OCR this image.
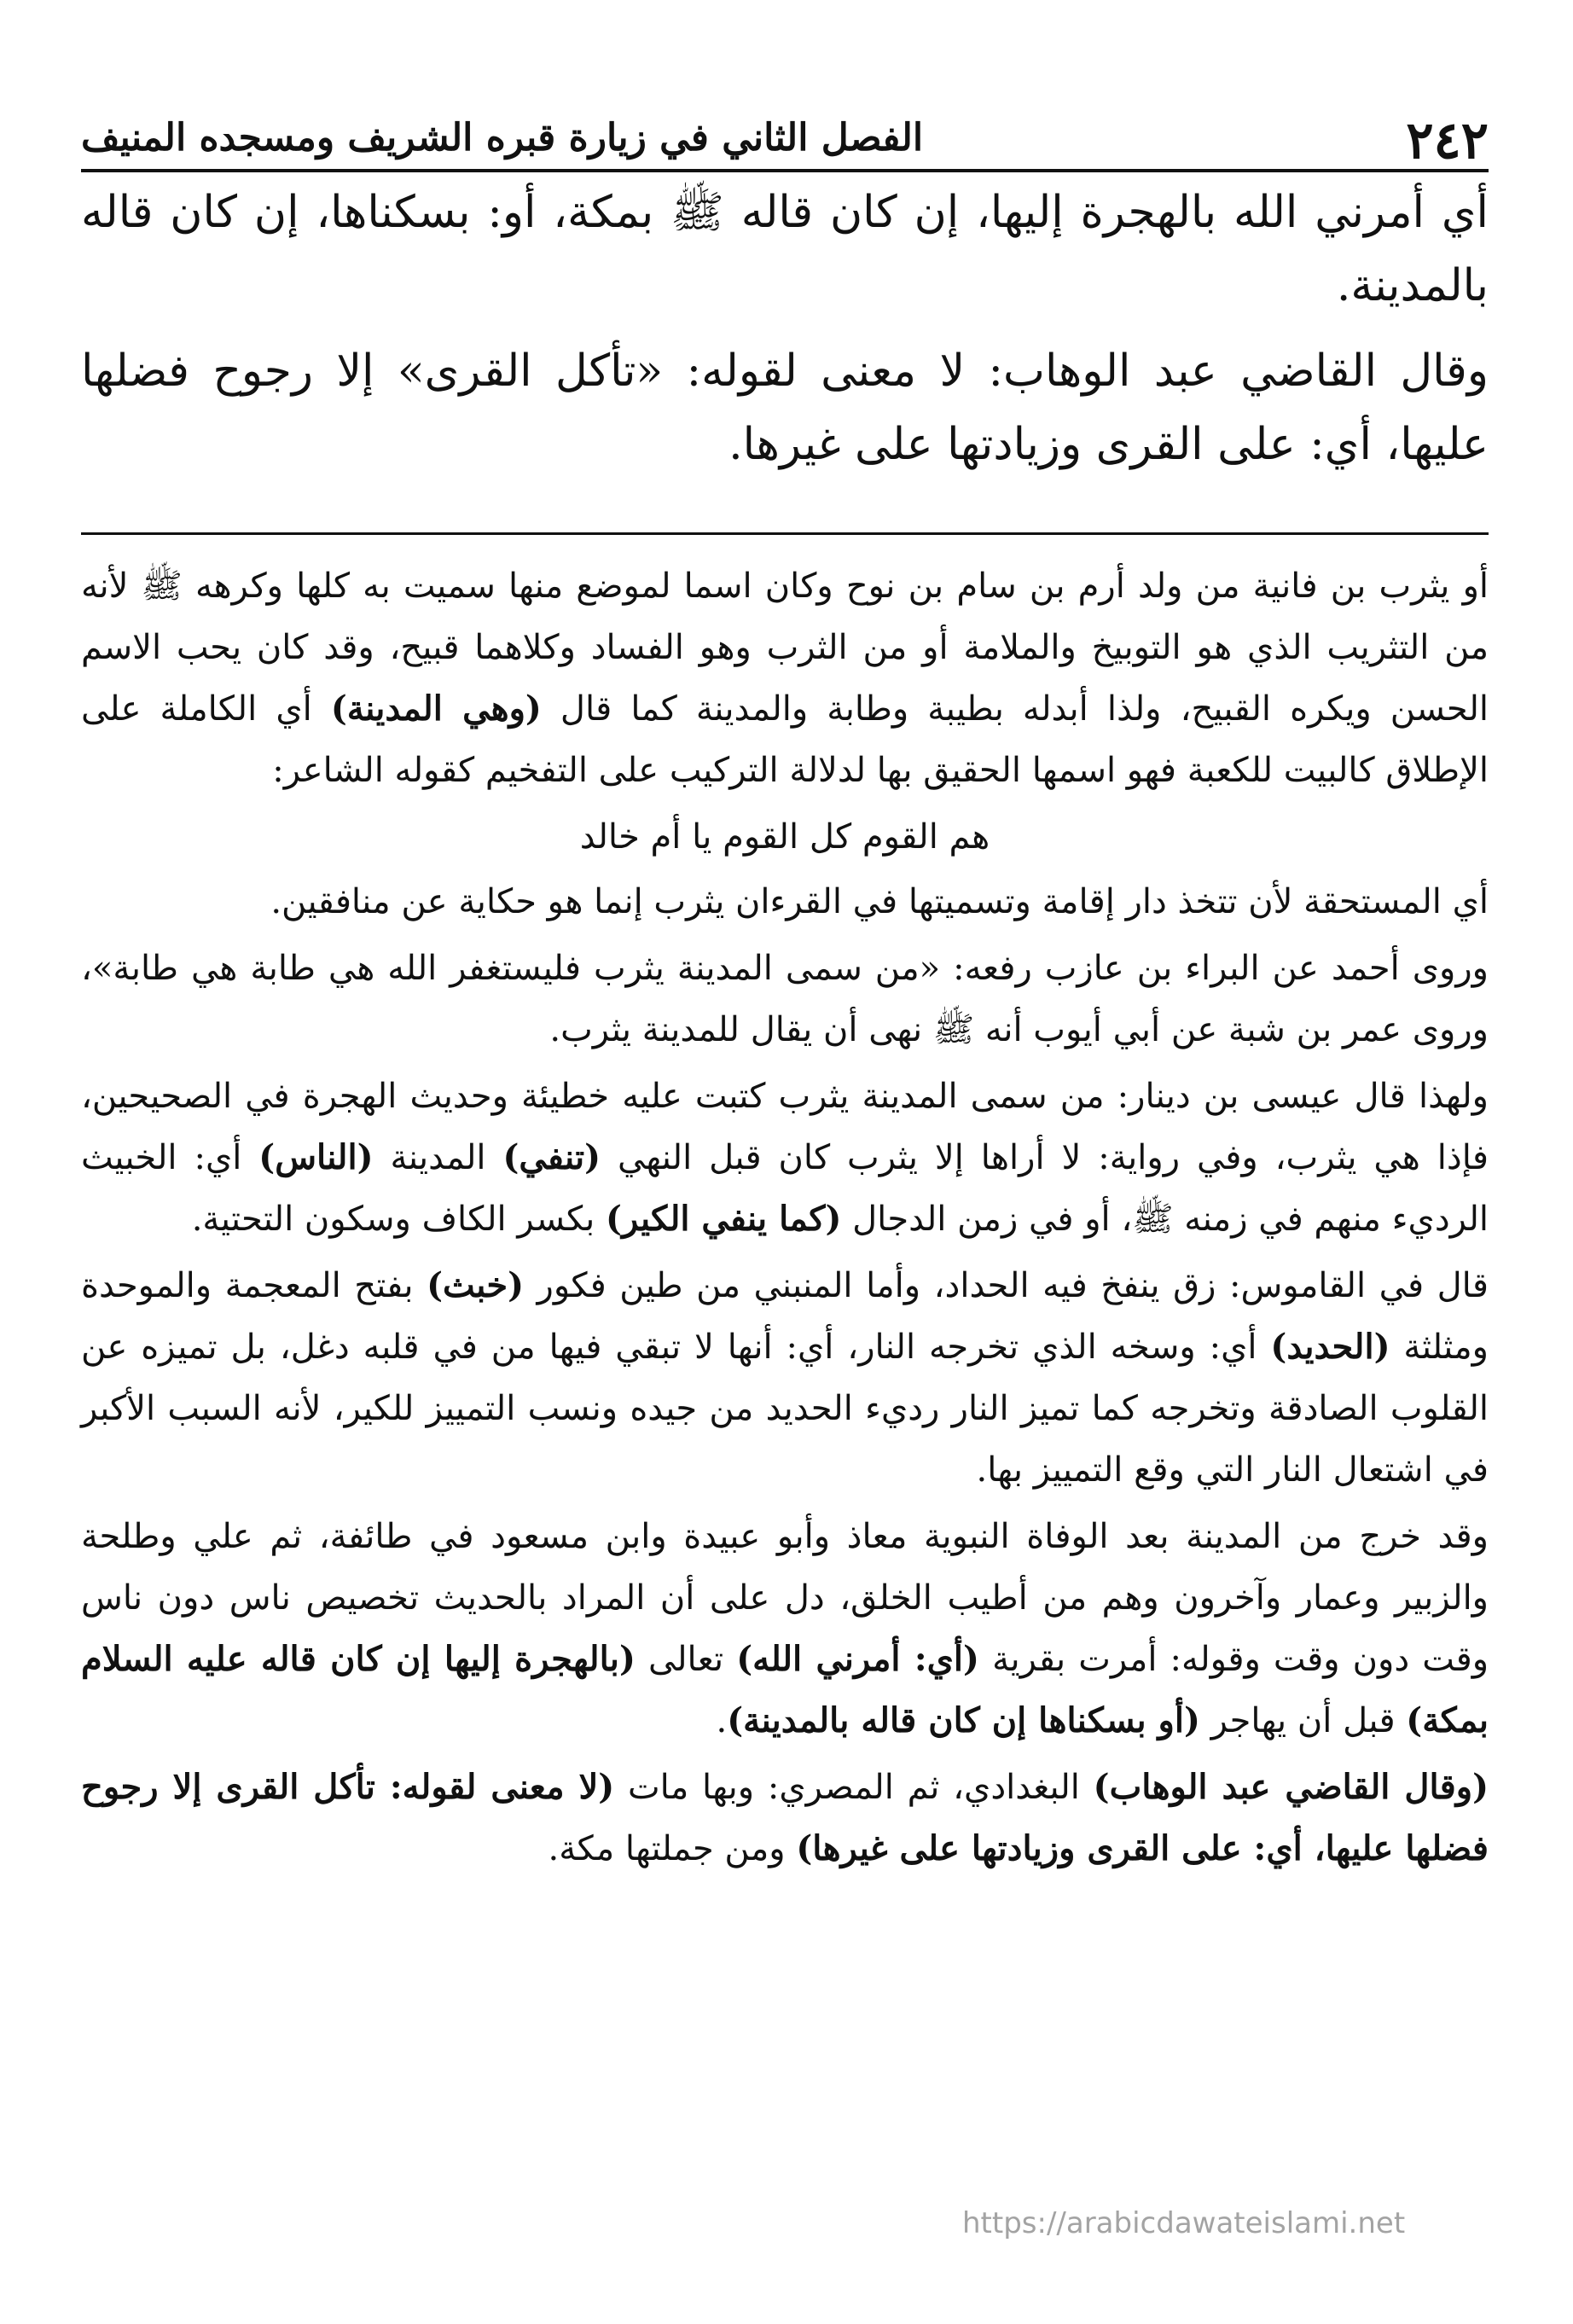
٢٤٢
الفصل الثاني في زيارة قبره الشريف ومسجده المنيف

أي أمرني الله بالهجرة إليها، إن كان قاله ﷺ بمكة، أو: بسكناها، إن كان قاله بالمدينة.

وقال القاضي عبد الوهاب: لا معنى لقوله: «تأكل القرى» إلا رجوح فضلها عليها، أي: على القرى وزيادتها على غيرها.

أو يثرب بن فانية من ولد أرم بن سام بن نوح وكان اسما لموضع منها سميت به كلها وكرهه ﷺ لأنه من التثريب الذي هو التوبيخ والملامة أو من الثرب وهو الفساد وكلاهما قبيح، وقد كان يحب الاسم الحسن ويكره القبيح، ولذا أبدله بطيبة وطابة والمدينة كما قال (وهي المدينة) أي الكاملة على الإطلاق كالبيت للكعبة فهو اسمها الحقيق بها لدلالة التركيب على التفخيم كقوله الشاعر:

هم القوم كل القوم يا أم خالد

أي المستحقة لأن تتخذ دار إقامة وتسميتها في القرءان يثرب إنما هو حكاية عن منافقين.

وروى أحمد عن البراء بن عازب رفعه: «من سمى المدينة يثرب فليستغفر الله هي طابة هي طابة»، وروى عمر بن شبة عن أبي أيوب أنه ﷺ نهى أن يقال للمدينة يثرب.

ولهذا قال عيسى بن دينار: من سمى المدينة يثرب كتبت عليه خطيئة وحديث الهجرة في الصحيحين، فإذا هي يثرب، وفي رواية: لا أراها إلا يثرب كان قبل النهي (تنفي) المدينة (الناس) أي: الخبيث الرديء منهم في زمنه ﷺ، أو في زمن الدجال (كما ينفي الكير) بكسر الكاف وسكون التحتية.

قال في القاموس: زق ينفخ فيه الحداد، وأما المنبني من طين فكور (خبث) بفتح المعجمة والموحدة ومثلثة (الحديد) أي: وسخه الذي تخرجه النار، أي: أنها لا تبقي فيها من في قلبه دغل، بل تميزه عن القلوب الصادقة وتخرجه كما تميز النار رديء الحديد من جيده ونسب التمييز للكير، لأنه السبب الأكبر في اشتعال النار التي وقع التمييز بها.

وقد خرج من المدينة بعد الوفاة النبوية معاذ وأبو عبيدة وابن مسعود في طائفة، ثم علي وطلحة والزبير وعمار وآخرون وهم من أطيب الخلق، دل على أن المراد بالحديث تخصيص ناس دون ناس وقت دون وقت وقوله: أمرت بقرية (أي: أمرني الله) تعالى (بالهجرة إليها إن كان قاله عليه السلام بمكة) قبل أن يهاجر (أو بسكناها إن كان قاله بالمدينة).

(وقال القاضي عبد الوهاب) البغدادي، ثم المصري: وبها مات (لا معنى لقوله: تأكل القرى إلا رجوح فضلها عليها، أي: على القرى وزيادتها على غيرها) ومن جملتها مكة.

https://arabicdawateislami.net
